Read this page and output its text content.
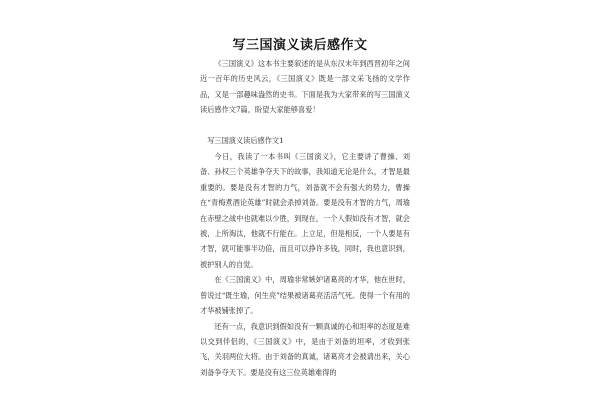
写三国演义读后感作文

《三国演义》这本书主要叙述的是从东汉末年到西晋初年之间近一百年的历史风云，《三国演义》既是一部文采飞扬的文学作品，又是一部趣味盎然的史书。下面是我为大家带来的写三国演义读后感作文7篇，盼望大家能够喜爱！

写三国演义读后感作文1

今日，我读了一本书叫《三国演义》，它主要讲了曹操、刘备、孙权三个英雄争夺天下的故事，我知道无论是什么，才智是最重要的。要是没有才智的力气，刘备就不会有强大的势力，曹操在“青梅煮酒论英雄”时就会杀掉刘备。要是没有才智的力气，周瑜在赤壁之战中也就难以少胜，到现在，一个人假如没有才智，就会被，上所淘汰，他就不行能在。上立足，但是相反，一个人要是有才智，就可能事半功倍，而且可以挣许多钱，同时，我也意识到，被护别人的自觉。

在《三国演义》中，周瑜非常嫉妒诸葛亮的才华，他在世时，曾说过“既生瑜，何生亮”结果被诸葛亮活活气死。使得一个有用的才华被铺张掉了。

还有一点，我意识到假如没有一颗真诚的心和坦率的态度是难以交到伴侣的，《三国演义》中，是由于刘备的坦率，才收到张飞，关羽两位大将。由于刘备的真诚，诸葛亮才会被请出来，关心刘备争夺天下。要是没有这三位英雄难得的
